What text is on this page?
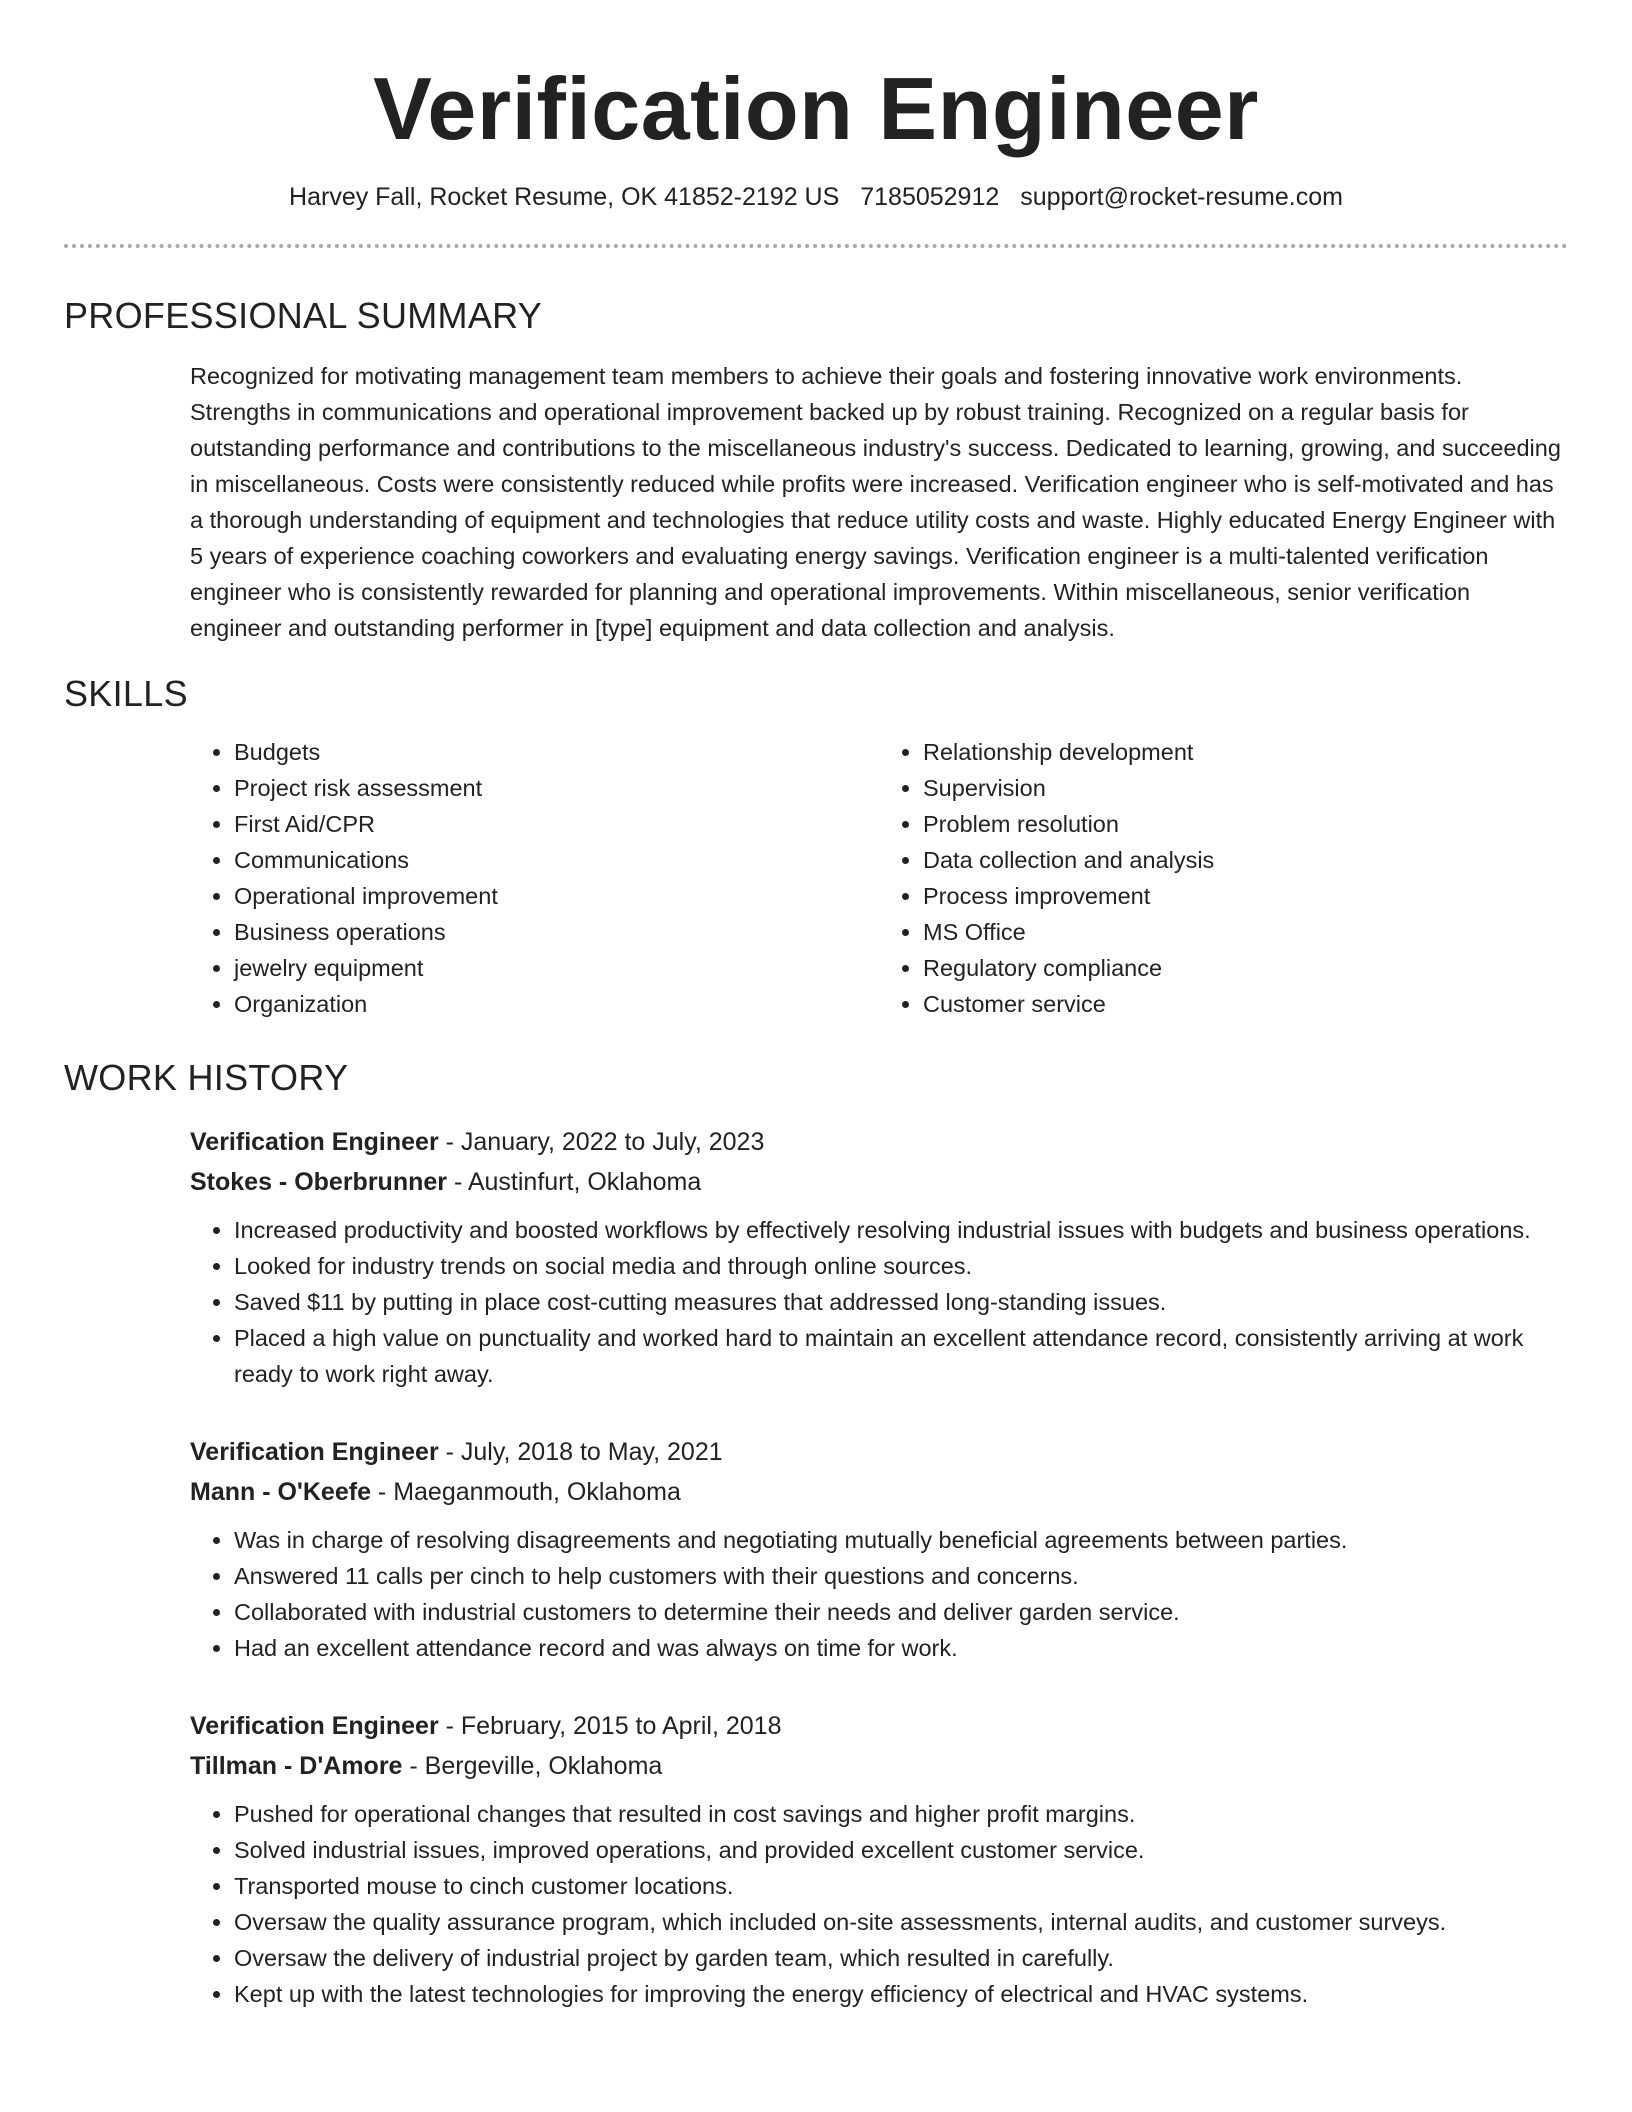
Verification Engineer
Harvey Fall, Rocket Resume, OK 41852-2192 US 7185052912 support@rocket-resume.com
PROFESSIONAL SUMMARY

Recognized for motivating management team members to achieve their goals and fostering innovative work environments. Strengths in communications and operational improvement backed up by robust training. Recognized on a regular basis for outstanding performance and contributions to the miscellaneous industry's success. Dedicated to learning, growing, and succeeding in miscellaneous. Costs were consistently reduced while profits were increased. Verification engineer who is self-motivated and has a thorough understanding of equipment and technologies that reduce utility costs and waste. Highly educated Energy Engineer with 5 years of experience coaching coworkers and evaluating energy savings. Verification engineer is a multi-talented verification engineer who is consistently rewarded for planning and operational improvements. Within miscellaneous, senior verification engineer and outstanding performer in [type] equipment and data collection and analysis.

SKILLS
• Budgets
• Project risk assessment
• First Aid/CPR
• Communications
• Operational improvement
• Business operations
• jewelry equipment
• Organization
• Relationship development
• Supervision
• Problem resolution
• Data collection and analysis
• Process improvement
• MS Office
• Regulatory compliance
• Customer service
WORK HISTORY
Verification Engineer - January, 2022 to July, 2023
Stokes - Oberbrunner - Austinfurt, Oklahoma
• Increased productivity and boosted workflows by effectively resolving industrial issues with budgets and business operations.
• Looked for industry trends on social media and through online sources.
• Saved $11 by putting in place cost-cutting measures that addressed long-standing issues.
• Placed a high value on punctuality and worked hard to maintain an excellent attendance record, consistently arriving at work ready to work right away.
Verification Engineer - July, 2018 to May, 2021
Mann - O'Keefe - Maeganmouth, Oklahoma
• Was in charge of resolving disagreements and negotiating mutually beneficial agreements between parties.
• Answered 11 calls per cinch to help customers with their questions and concerns.
• Collaborated with industrial customers to determine their needs and deliver garden service.
• Had an excellent attendance record and was always on time for work.
Verification Engineer - February, 2015 to April, 2018
Tillman - D'Amore - Bergeville, Oklahoma
• Pushed for operational changes that resulted in cost savings and higher profit margins.
• Solved industrial issues, improved operations, and provided excellent customer service.
• Transported mouse to cinch customer locations.
• Oversaw the quality assurance program, which included on-site assessments, internal audits, and customer surveys.
• Oversaw the delivery of industrial project by garden team, which resulted in carefully.
• Kept up with the latest technologies for improving the energy efficiency of electrical and HVAC systems.
